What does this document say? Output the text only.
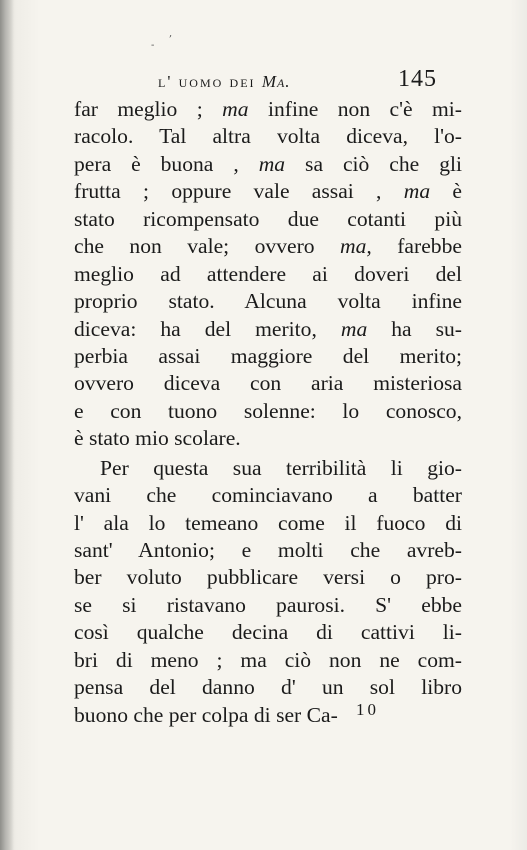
,
-
l' uomo dei Ma.	145
far meglio ; ma infine non c'è mi-
racolo. Tal altra volta diceva, l'o-
pera è buona , ma sa ciò che gli
frutta ; oppure vale assai , ma è
stato ricompensato due cotanti più
che non vale; ovvero ma, farebbe
meglio ad attendere ai doveri del
proprio stato. Alcuna volta infine
diceva: ha del merito, ma ha su-
perbia assai maggiore del merito;
ovvero diceva con aria misteriosa
e con tuono solenne: lo conosco,
è stato mio scolare.
Per questa sua terribilità li gio-
vani che cominciavano a batter
l' ala lo temeano come il fuoco di
sant' Antonio; e molti che avreb-
ber voluto pubblicare versi o pro-
se si ristavano paurosi. S' ebbe
così qualche decina di cattivi li-
bri di meno ; ma ciò non ne com-
pensa del danno d' un sol libro
buono che per colpa di ser Ca-	10
